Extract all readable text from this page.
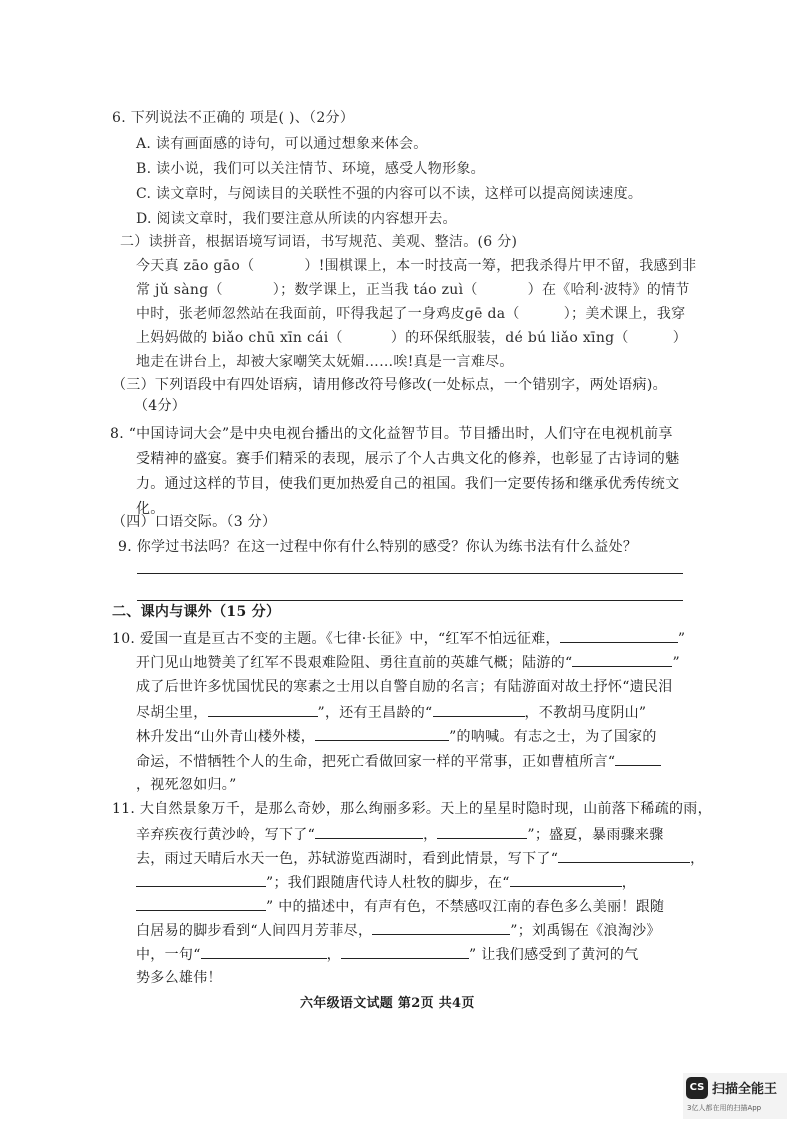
6. 下列说法不正确的 项是( )、（2分）
A. 读有画面感的诗句，可以通过想象来体会。
B. 读小说，我们可以关注情节、环境，感受人物形象。
C. 读文章时，与阅读目的关联性不强的内容可以不读，这样可以提高阅读速度。
D. 阅读文章时，我们要注意从所读的内容想开去。
二）读拼音，根据语境写词语，书写规范、美观、整洁。(6 分)
今天真 zāo gāo（	）!围棋课上，本一时技高一筹，把我杀得片甲不留，我感到非
常 jǔ sàng（	）；数学课上，正当我 táo zuì（	）在《哈利·波特》的情节
中时，张老师忽然站在我面前，吓得我起了一身鸡皮gē da（	）；美术课上，我穿
上妈妈做的 biǎo chū xīn cái（	）的环保纸服装，dé bú liǎo xīng（	）
地走在讲台上，却被大家嘲笑太妩媚……唉!真是一言难尽。
（三）下列语段中有四处语病，请用修改符号修改(一处标点，一个错别字，两处语病)。
（4分）
8. “中国诗词大会”是中央电视台播出的文化益智节目。节目播出时，人们守在电视机前享
受精神的盛宴。赛手们精采的表现，展示了个人古典文化的修养，也彰显了古诗词的魅
力。通过这样的节目，使我们更加热爱自己的祖国。我们一定要传扬和继承优秀传统文
化。
（四）口语交际。（3 分）
9. 你学过书法吗？在这一过程中你有什么特别的感受？你认为练书法有什么益处？
二、课内与课外（15 分）
10. 爱国一直是亘古不变的主题。《七律·长征》中，“红军不怕远征难，	”
开门见山地赞美了红军不畏艰难险阻、勇往直前的英雄气概；陆游的“	”
成了后世许多忧国忧民的寒素之士用以自警自励的名言；有陆游面对故土抒怀“遗民泪
尽胡尘里，	”，还有王昌龄的“	，不教胡马度阴山”
林升发出“山外青山楼外楼，	”的呐喊。有志之士，为了国家的
命运，不惜牺牲个人的生命，把死亡看做回家一样的平常事，正如曹植所言“
，视死忽如归。”
11. 大自然景象万千，是那么奇妙，那么绚丽多彩。天上的星星时隐时现，山前落下稀疏的雨，
辛弃疾夜行黄沙岭，写下了“	，	”；盛夏，暴雨骤来骤
去，雨过天晴后水天一色，苏轼游览西湖时，看到此情景，写下了“	，
”；我们跟随唐代诗人杜牧的脚步，在“	，
” 中的描述中，有声有色，不禁感叹江南的春色多么美丽！跟随
白居易的脚步看到“人间四月芳菲尽，	”；刘禹锡在《浪淘沙》
中，一句“	，	” 让我们感受到了黄河的气
势多么雄伟！
六年级语文试题 第2页 共4页
CS 扫描全能王
3亿人都在用的扫描App
